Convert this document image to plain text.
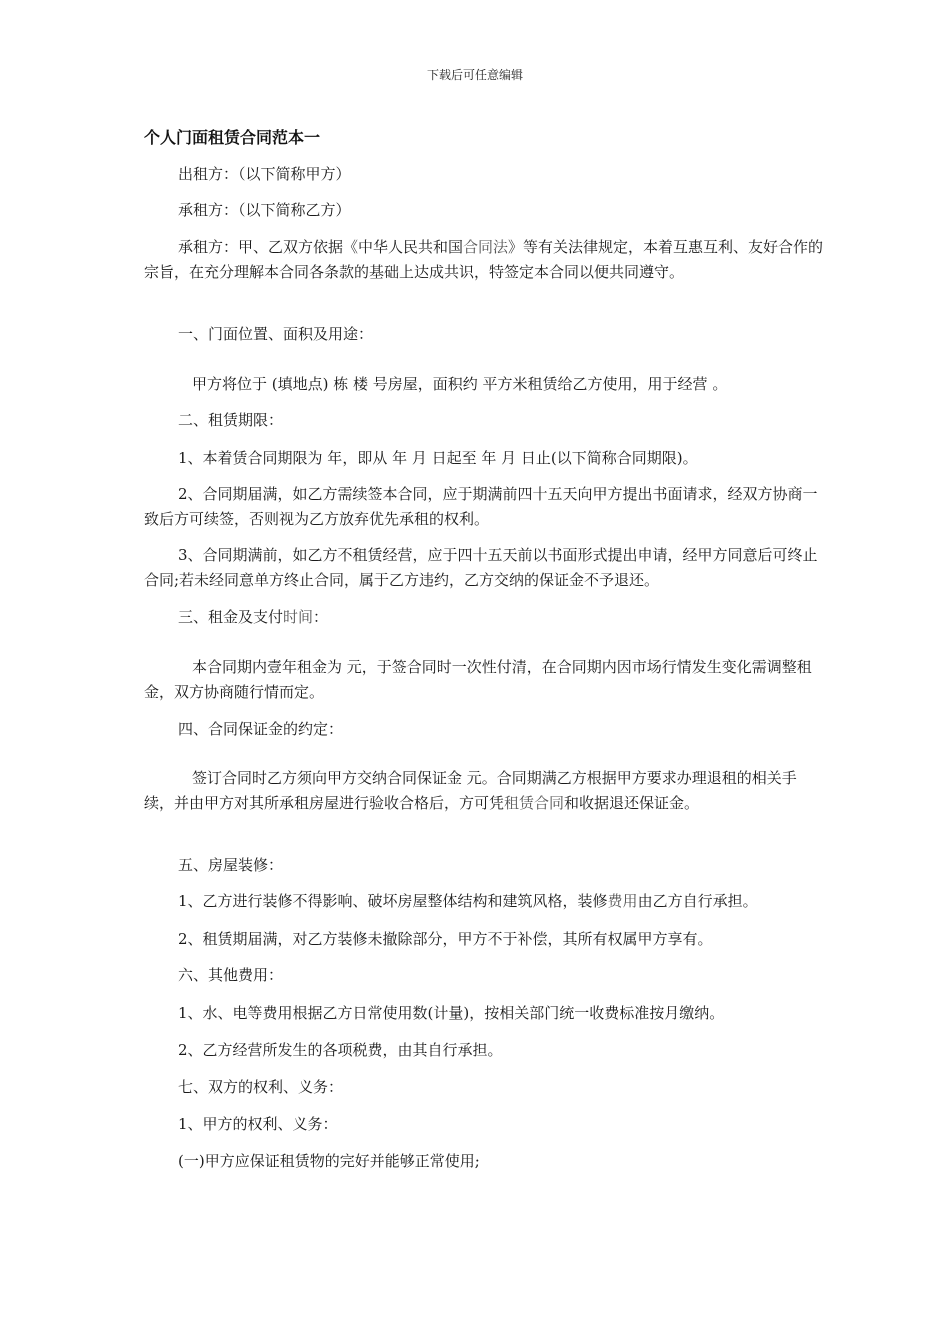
下载后可任意编辑
个人门面租赁合同范本一
出租方：（以下简称甲方）
承租方：（以下简称乙方）
承租方：甲、乙双方依据《中华人民共和国合同法》等有关法律规定，本着互惠互利、友好合作的宗旨，在充分理解本合同各条款的基础上达成共识，特签定本合同以便共同遵守。
一、门面位置、面积及用途：
甲方将位于 (填地点) 栋 楼 号房屋，面积约 平方米租赁给乙方使用，用于经营 。
二、租赁期限：
1、本着赁合同期限为 年，即从 年 月 日起至 年 月 日止(以下简称合同期限)。
2、合同期届满，如乙方需续签本合同，应于期满前四十五天向甲方提出书面请求，经双方协商一致后方可续签，否则视为乙方放弃优先承租的权利。
3、合同期满前，如乙方不租赁经营，应于四十五天前以书面形式提出申请，经甲方同意后可终止合同;若未经同意单方终止合同，属于乙方违约，乙方交纳的保证金不予退还。
三、租金及支付时间：
本合同期内壹年租金为 元，于签合同时一次性付清，在合同期内因市场行情发生变化需调整租金，双方协商随行情而定。
四、合同保证金的约定：
签订合同时乙方须向甲方交纳合同保证金 元。合同期满乙方根据甲方要求办理退租的相关手续，并由甲方对其所承租房屋进行验收合格后，方可凭租赁合同和收据退还保证金。
五、房屋装修：
1、乙方进行装修不得影响、破坏房屋整体结构和建筑风格，装修费用由乙方自行承担。
2、租赁期届满，对乙方装修未撤除部分，甲方不于补偿，其所有权属甲方享有。
六、其他费用：
1、水、电等费用根据乙方日常使用数(计量)，按相关部门统一收费标准按月缴纳。
2、乙方经营所发生的各项税费，由其自行承担。
七、双方的权利、义务：
1、甲方的权利、义务：
(一)甲方应保证租赁物的完好并能够正常使用;
